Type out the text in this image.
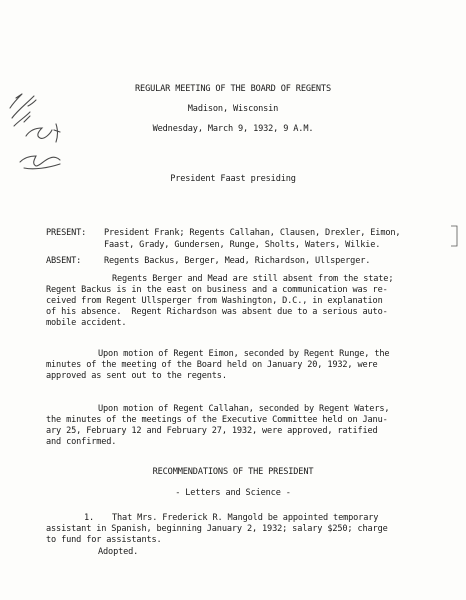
REGULAR MEETING OF THE BOARD OF REGENTS
Madison, Wisconsin
Wednesday, March 9, 1932, 9 A.M.
President Faast presiding
PRESENT: President Frank; Regents Callahan, Clausen, Drexler, Eimon,
Faast, Grady, Gundersen, Runge, Sholts, Waters, Wilkie.
ABSENT:	Regents Backus, Berger, Mead, Richardson, Ullsperger.
Regents Berger and Mead are still absent from the state;
Regent Backus is in the east on business and a communication was re-
ceived from Regent Ullsperger from Washington, D.C., in explanation
of his absence.  Regent Richardson was absent due to a serious auto-
mobile accident.
Upon motion of Regent Eimon, seconded by Regent Runge, the
minutes of the meeting of the Board held on January 20, 1932, were
approved as sent out to the regents.
Upon motion of Regent Callahan, seconded by Regent Waters,
the minutes of the meetings of the Executive Committee held on Janu-
ary 25, February 12 and February 27, 1932, were approved, ratified
and confirmed.
RECOMMENDATIONS OF THE PRESIDENT
- Letters and Science -
1. That Mrs. Frederick R. Mangold be appointed temporary
assistant in Spanish, beginning January 2, 1932; salary $250; charge
to fund for assistants.
Adopted.
